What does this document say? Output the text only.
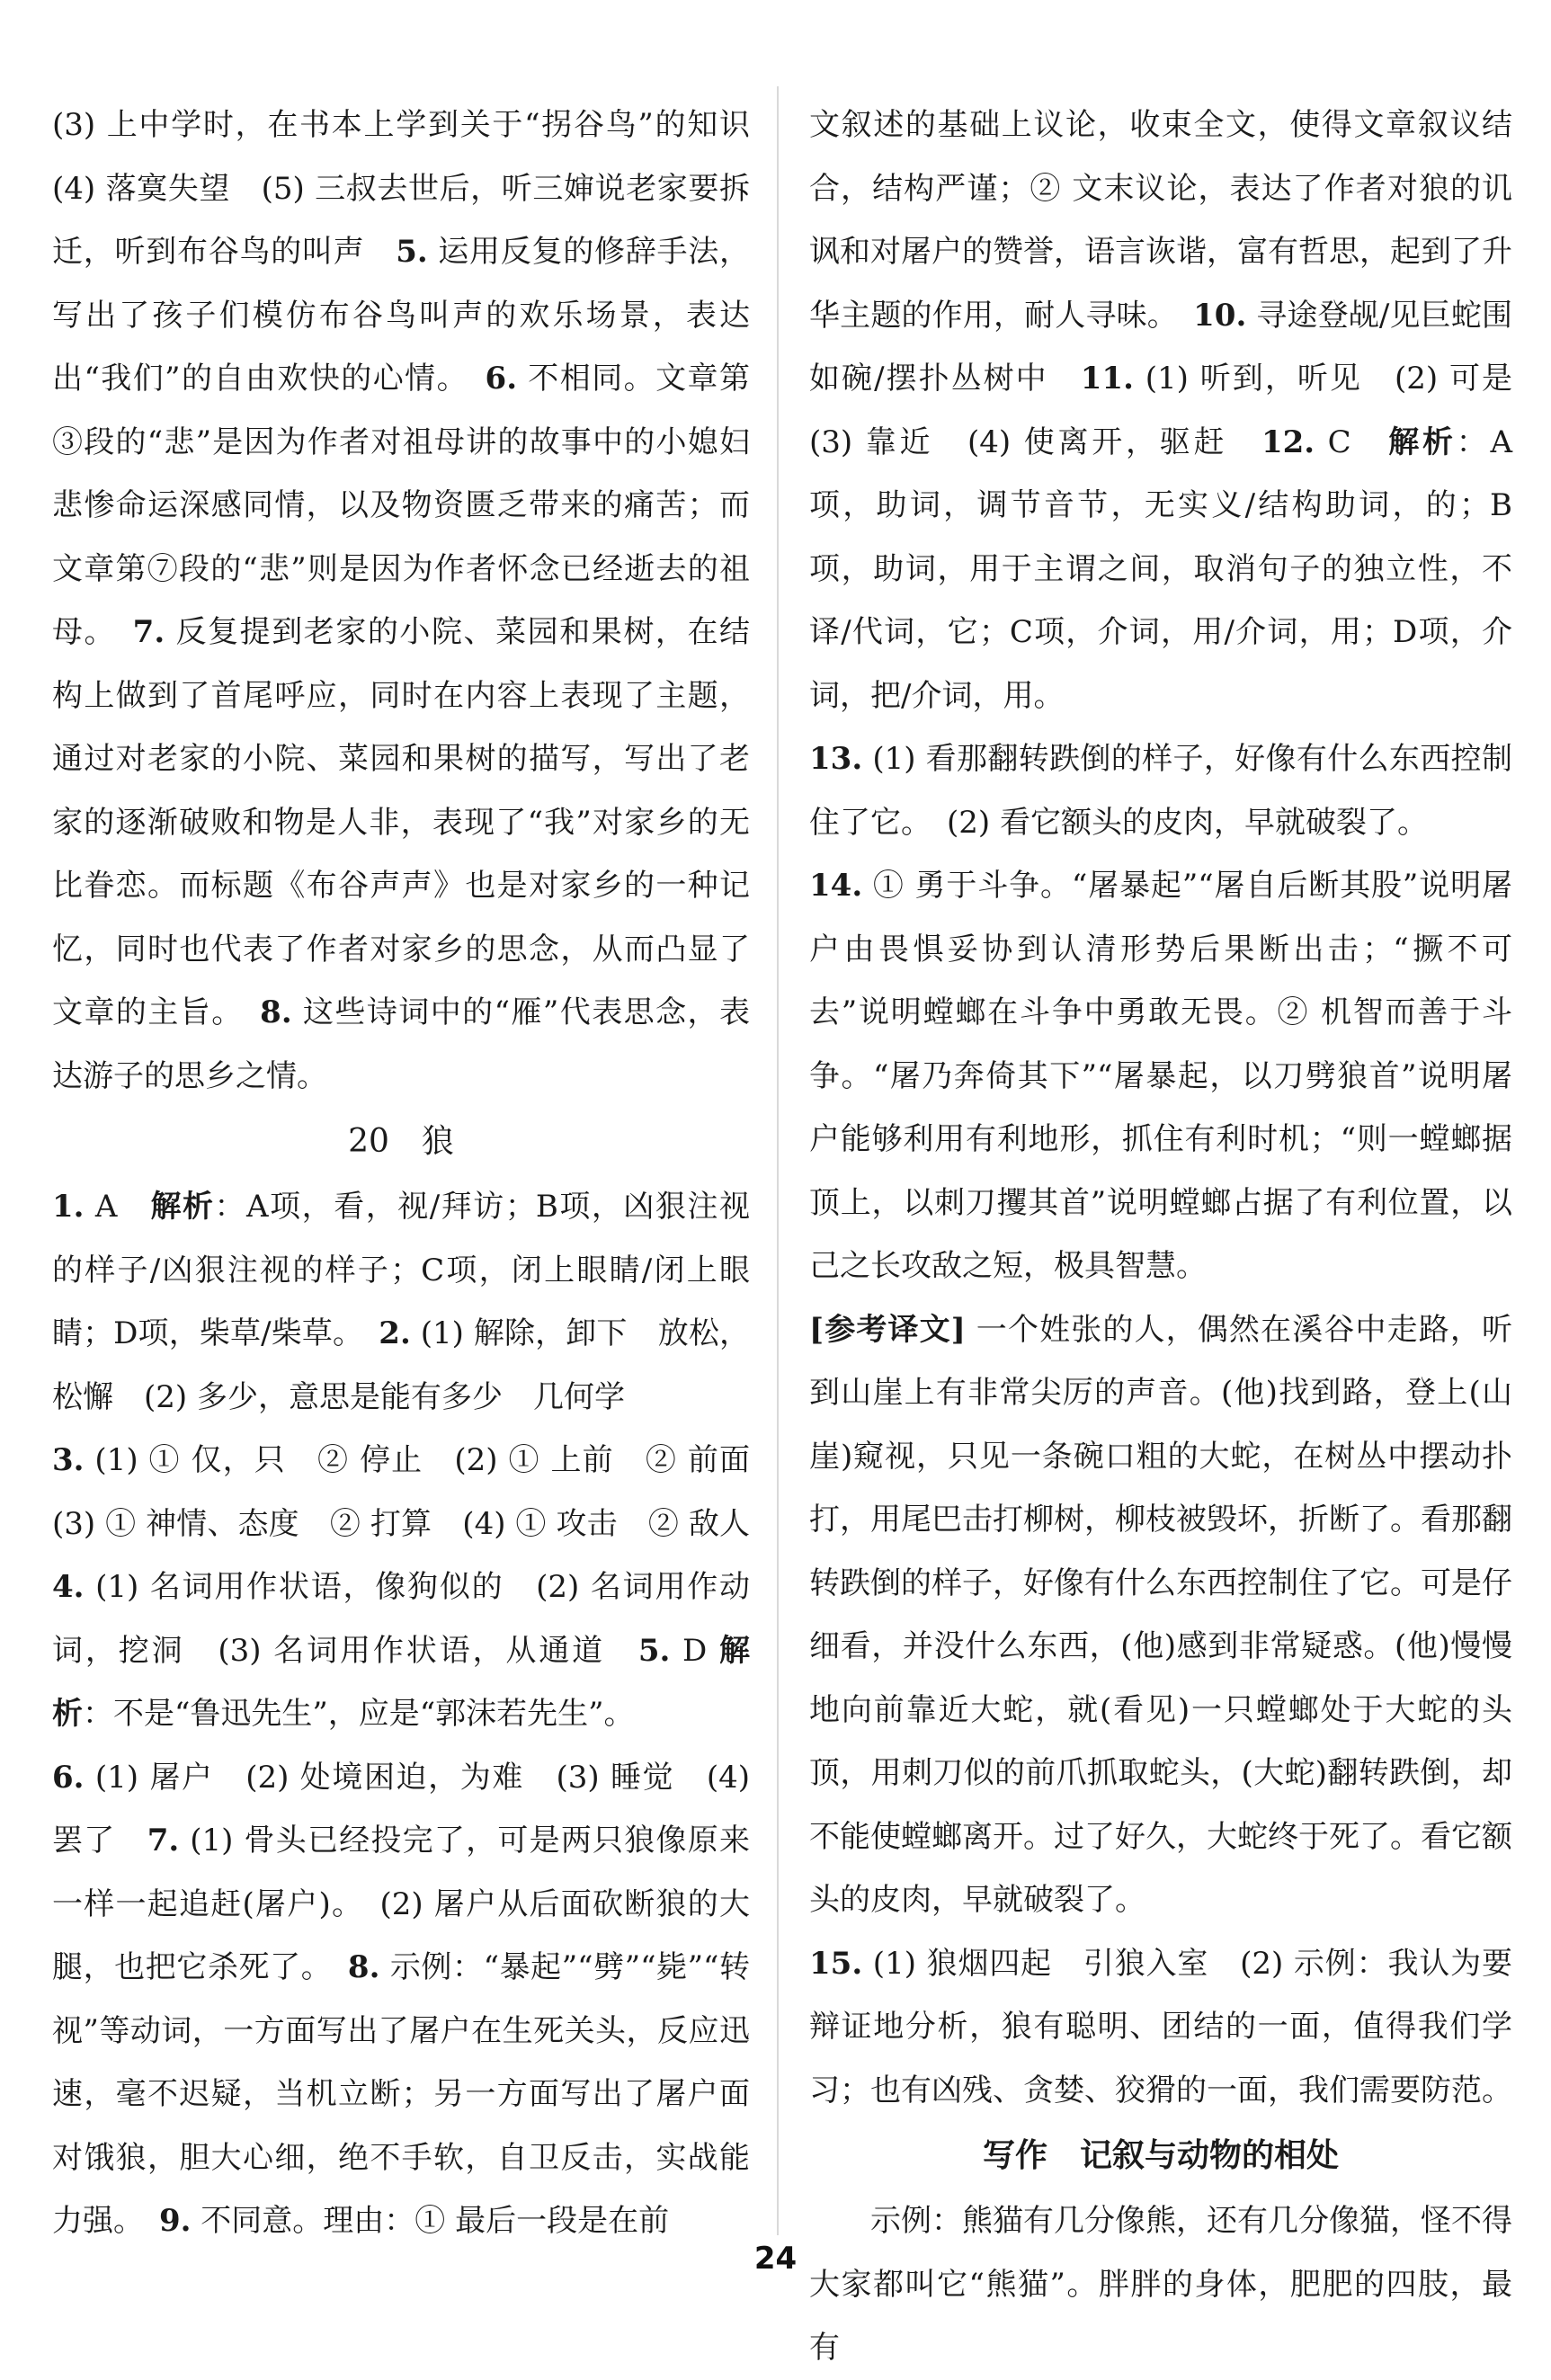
(3) 上中学时，在书本上学到关于“拐谷鸟”的知识　(4) 落寞失望　(5) 三叔去世后，听三婶说老家要拆迁，听到布谷鸟的叫声　5. 运用反复的修辞手法，写出了孩子们模仿布谷鸟叫声的欢乐场景，表达出“我们”的自由欢快的心情。　6. 不相同。文章第③段的“悲”是因为作者对祖母讲的故事中的小媳妇悲惨命运深感同情，以及物资匮乏带来的痛苦；而文章第⑦段的“悲”则是因为作者怀念已经逝去的祖母。　7. 反复提到老家的小院、菜园和果树，在结构上做到了首尾呼应，同时在内容上表现了主题，通过对老家的小院、菜园和果树的描写，写出了老家的逐渐破败和物是人非，表现了“我”对家乡的无比眷恋。而标题《布谷声声》也是对家乡的一种记忆，同时也代表了作者对家乡的思念，从而凸显了文章的主旨。　8. 这些诗词中的“雁”代表思念，表达游子的思乡之情。

20　狼

1. A　解析：A项，看，视/拜访；B项，凶狠注视的样子/凶狠注视的样子；C项，闭上眼睛/闭上眼睛；D项，柴草/柴草。　2. (1) 解除，卸下　放松，松懈　(2) 多少，意思是能有多少　几何学

3. (1) ① 仅，只　② 停止　(2) ① 上前　② 前面　(3) ① 神情、态度　② 打算　(4) ① 攻击　② 敌人　4. (1) 名词用作状语，像狗似的　(2) 名词用作动词，挖洞　(3) 名词用作状语，从通道　5. D 解析：不是“鲁迅先生”，应是“郭沫若先生”。

6. (1) 屠户　(2) 处境困迫，为难　(3) 睡觉　(4) 罢了　7. (1) 骨头已经投完了，可是两只狼像原来一样一起追赶(屠户)。　(2) 屠户从后面砍断狼的大腿，也把它杀死了。　8. 示例：“暴起”“劈”“毙”“转视”等动词，一方面写出了屠户在生死关头，反应迅速，毫不迟疑，当机立断；另一方面写出了屠户面对饿狼，胆大心细，绝不手软，自卫反击，实战能力强。　9. 不同意。理由：① 最后一段是在前

文叙述的基础上议论，收束全文，使得文章叙议结合，结构严谨；② 文末议论，表达了作者对狼的讥讽和对屠户的赞誉，语言诙谐，富有哲思，起到了升华主题的作用，耐人寻味。　10. 寻途登觇/见巨蛇围如碗/摆扑丛树中　11. (1) 听到，听见　(2) 可是　(3) 靠近　(4) 使离开，驱赶　12. C　解析：A项，助词，调节音节，无实义/结构助词，的；B项，助词，用于主谓之间，取消句子的独立性，不译/代词，它；C项，介词，用/介词，用；D项，介词，把/介词，用。

13. (1) 看那翻转跌倒的样子，好像有什么东西控制住了它。　(2) 看它额头的皮肉，早就破裂了。

14. ① 勇于斗争。“屠暴起”“屠自后断其股”说明屠户由畏惧妥协到认清形势后果断出击；“撅不可去”说明螳螂在斗争中勇敢无畏。② 机智而善于斗争。“屠乃奔倚其下”“屠暴起，以刀劈狼首”说明屠户能够利用有利地形，抓住有利时机；“则一螳螂据顶上，以刺刀攫其首”说明螳螂占据了有利位置，以己之长攻敌之短，极具智慧。

[参考译文] 一个姓张的人，偶然在溪谷中走路，听到山崖上有非常尖厉的声音。(他)找到路，登上(山崖)窥视，只见一条碗口粗的大蛇，在树丛中摆动扑打，用尾巴击打柳树，柳枝被毁坏，折断了。看那翻转跌倒的样子，好像有什么东西控制住了它。可是仔细看，并没什么东西，(他)感到非常疑惑。(他)慢慢地向前靠近大蛇，就(看见)一只螳螂处于大蛇的头顶，用刺刀似的前爪抓取蛇头，(大蛇)翻转跌倒，却不能使螳螂离开。过了好久，大蛇终于死了。看它额头的皮肉，早就破裂了。

15. (1) 狼烟四起　引狼入室　(2) 示例：我认为要辩证地分析，狼有聪明、团结的一面，值得我们学习；也有凶残、贪婪、狡猾的一面，我们需要防范。

写作　记叙与动物的相处

示例：熊猫有几分像熊，还有几分像猫，怪不得大家都叫它“熊猫”。胖胖的身体，肥肥的四肢，最有

24
